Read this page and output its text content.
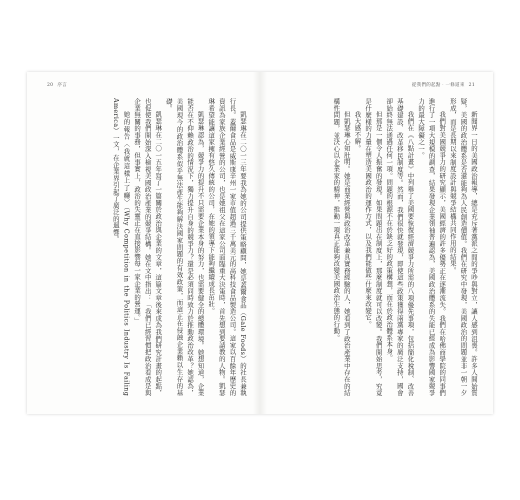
20 序言

凱瑟琳在二〇一三年要我為她的公司提供策略顧問，她是蓋爾食品（Gale Foods）的社長兼執行長。蓋爾食品是威斯康辛州一家市值超過三千萬美元的高科技食品製造公司。這家以百餘年歷史的資訊為家族企業經營的公司，也是她祖父在這家公司面臨重大決策時，首先想到要請教的人物。凱瑟琳希望能讓這家擁有悠久傳統的公司，在她的領導下能夠繼續成長茁壯。

凱瑟琳認為，競爭力的提升不只需要企業本身的努力，也需要健全的總體環境。她想知道，企業能否在不仰賴政治的情況下，獨力提升自身的競爭力？還是必須同時致力於推動政治改革？她認為，美國現今的政治體系似乎無法產生能夠解決國家問題的有效政策，而這正在侵蝕企業賴以生存的基礎。

凱瑟琳在二〇一五年寫了一篇關於政治與企業的文章，這篇文章後來成為我們研究計畫的起點，也促使我們開始深入檢視美國政治產業的競爭結構。她在文中指出：「我們已經習慣把政治看成是與企業無關的事務，但事實上，政治的失靈正在直接影響每一家企業的營運。」

她的報告〈我就這樣上了癮〉（Why Competition in the Politics Industry Is Failing America）一文，在企業界引起了廣泛的迴響。

從我們的起點‧一條道來 21

新聞界一日的美國政治報導，總是充斥著黨派之間的爭吵與對立，讓人感到沮喪。許多人開始質疑，美國的政治體系是否還能夠為人民創造價值。我們在研究中發現，美國政治的問題並非一朝一夕形成，而是長期以來制度設計與競爭結構共同作用的結果。

我們對美國競爭力的研究顯示，美國經濟的許多優勢正在逐漸流失。我們在哈佛商學院的同事們進行了一項大規模的調查，結果發現企業領袖普遍認為，美國政治體系的失能已經成為影響國家競爭力的最大障礙之一。

我們在《八點計畫》中列舉了美國要恢復經濟競爭力所需的八項優先事項，包括簡化稅制、改善基礎建設、改革移民制度等。然而，我們很快就發現，即使這些政策獲得兩黨專家的廣泛支持，國會卻始終無法通過任何一項。問題的根源不在於缺乏好的政策構想，而在於政治體系本身。

但那是一個令人振奮的發現。如果問題出在制度上，那麼制度就可以改變。我們開始思考，究竟是什麼樣的力量在塑造美國政治的運作方式，以及我們能做些什麼來改變它。

我大感不解。

但凱瑟琳心知肚明。她是商業經營與政治改革兼具實務經驗的人，她看到了政治產業中存在的結構性問題，並決心以企業家的精神，推動一項真正能夠改變美國政治生態的行動。
